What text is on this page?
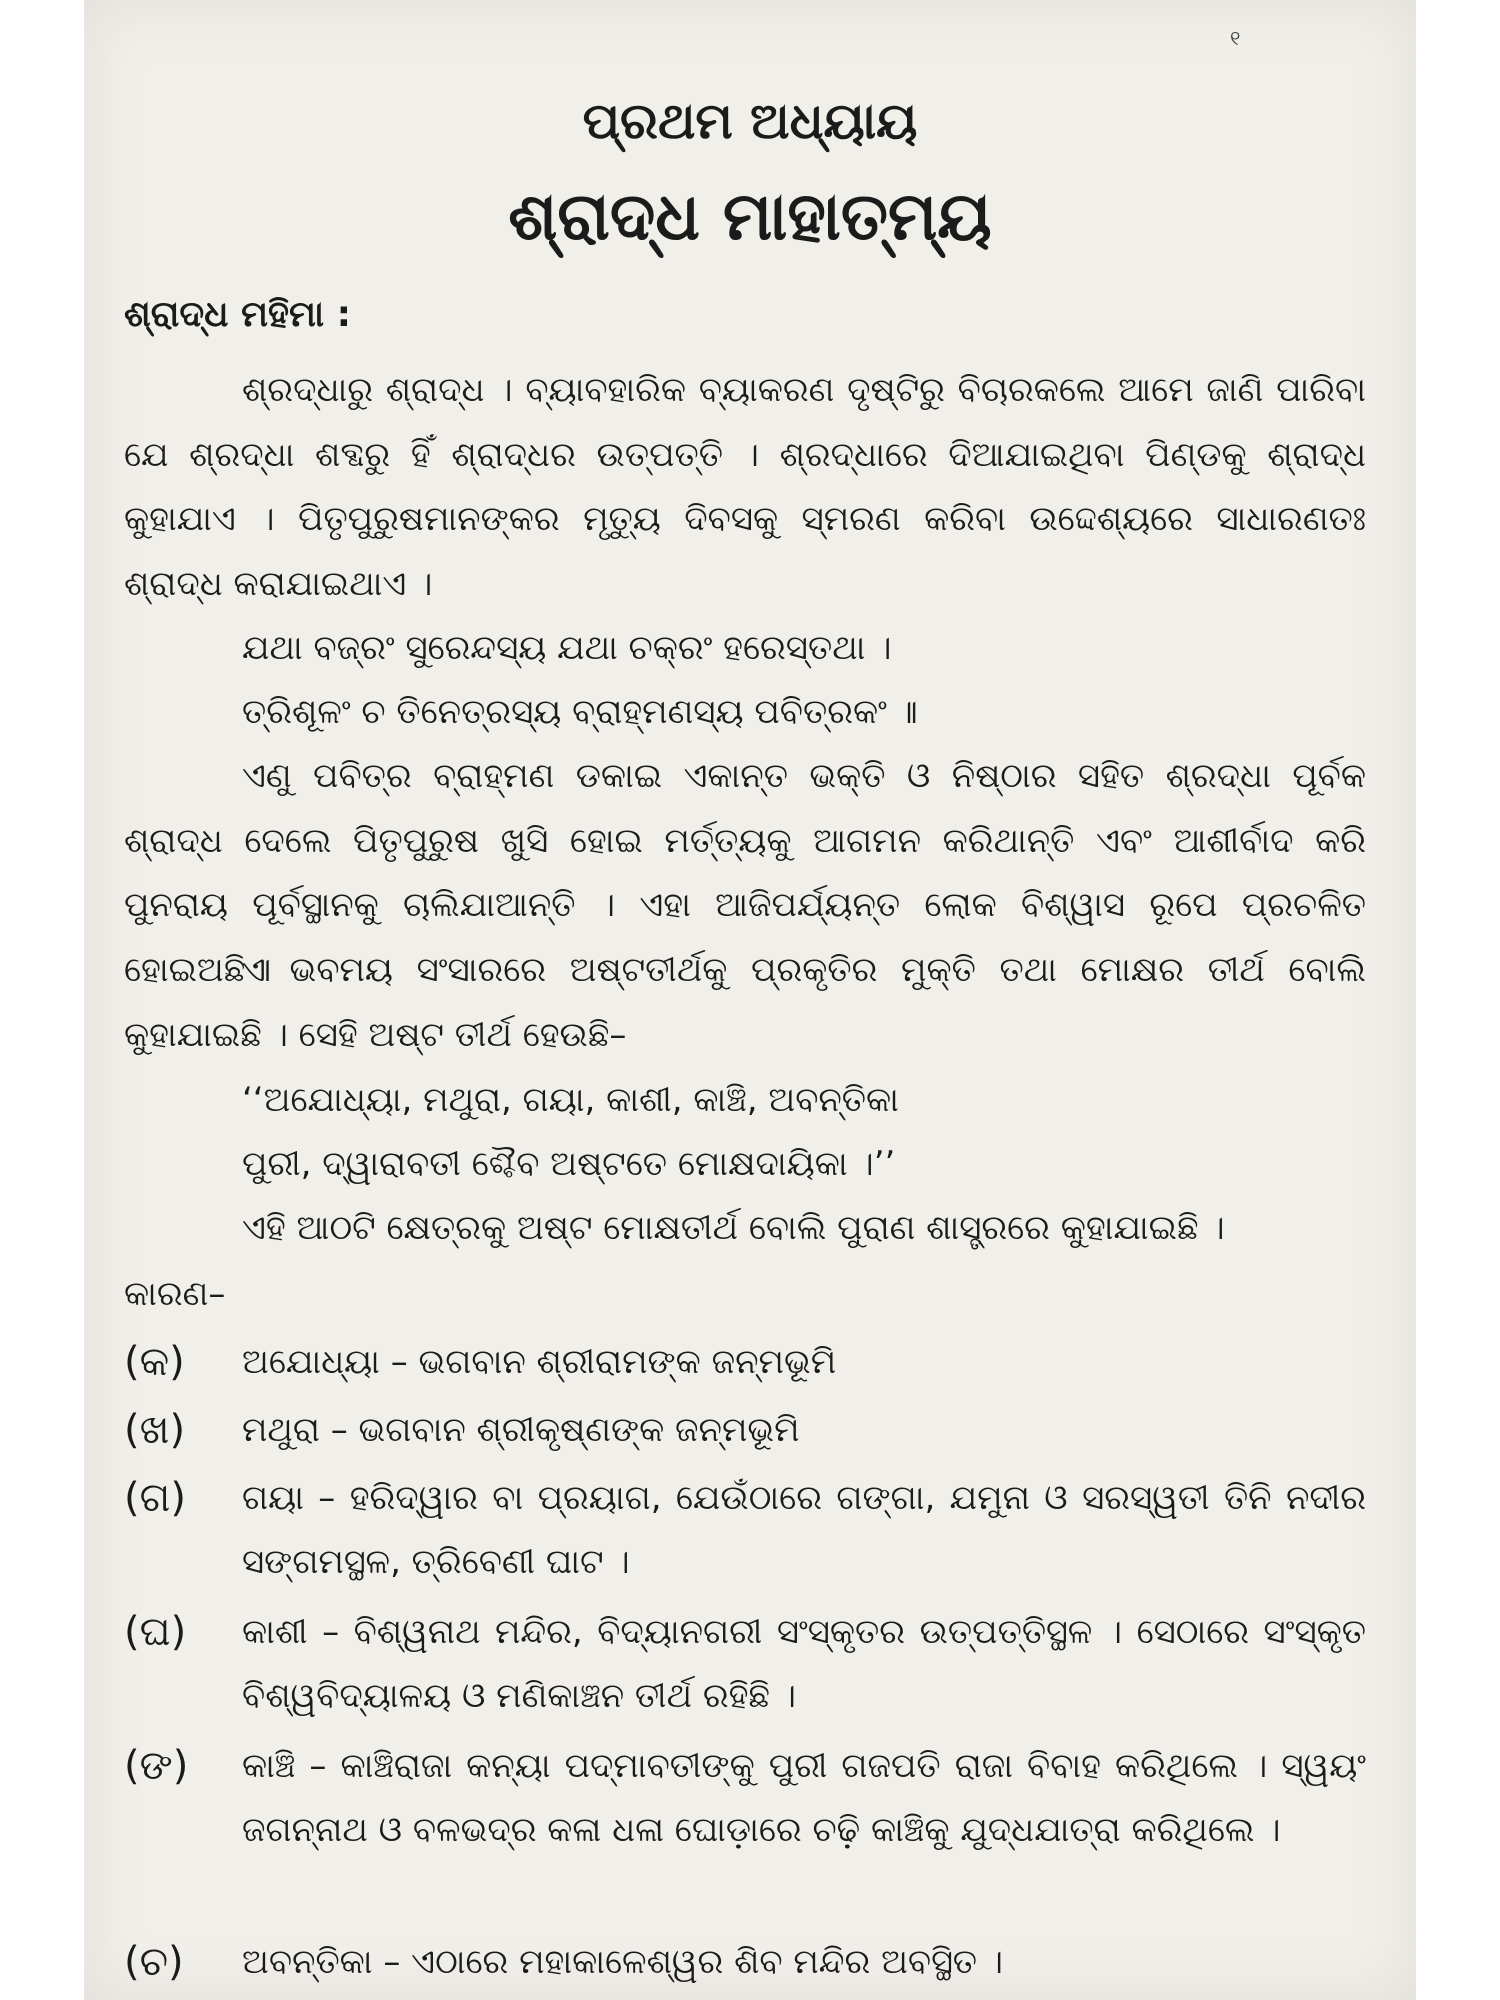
୧
ପ୍ରଥମ ଅଧ୍ୟାୟ
ଶ୍ରାଦ୍ଧ ମାହାତ୍ମ୍ୟ
ଶ୍ରାଦ୍ଧ ମହିମା :
ଶ୍ରଦ୍ଧାରୁ ଶ୍ରାଦ୍ଧ । ବ୍ୟାବହାରିକ ବ୍ୟାକରଣ ଦୃଷ୍ଟିରୁ ବିଚାରକଲେ ଆମେ ଜାଣି ପାରିବା ଯେ ଶ୍ରଦ୍ଧା ଶବ୍ଦରୁ ହିଁ ଶ୍ରାଦ୍ଧର ଉତ୍ପତ୍ତି । ଶ୍ରଦ୍ଧାରେ ଦିଆଯାଇଥିବା ପିଣ୍ଡକୁ ଶ୍ରାଦ୍ଧ କୁହାଯାଏ । ପିତୃପୁରୁଷମାନଙ୍କର ମୃତ୍ୟୁ ଦିବସକୁ ସ୍ମରଣ କରିବା ଉଦ୍ଦେଶ୍ୟରେ ସାଧାରଣତଃ ଶ୍ରାଦ୍ଧ କରାଯାଇଥାଏ ।
ଯଥା ବଜ୍ରଂ ସୁରେନ୍ଦସ୍ୟ ଯଥା ଚକ୍ରଂ ହରେସ୍ତଥା ।
ତ୍ରିଶୂଳଂ ଚ ତିନେତ୍ରସ୍ୟ ବ୍ରାହ୍ମଣସ୍ୟ ପବିତ୍ରକଂ ॥
ଏଣୁ ପବିତ୍ର ବ୍ରାହ୍ମଣ ଡକାଇ ଏକାନ୍ତ ଭକ୍ତି ଓ ନିଷ୍ଠାର ସହିତ ଶ୍ରଦ୍ଧା ପୂର୍ବକ ଶ୍ରାଦ୍ଧ ଦେଲେ ପିତୃପୁରୁଷ ଖୁସି ହୋଇ ମର୍ତ୍ତ୍ୟକୁ ଆଗମନ କରିଥାନ୍ତି ଏବଂ ଆଶୀର୍ବାଦ କରି ପୁନରାୟ ପୂର୍ବସ୍ଥାନକୁ ଚାଲିଯାଆନ୍ତି । ଏହା ଆଜିପର୍ଯ୍ୟନ୍ତ ଲୋକ ବିଶ୍ୱାସ ରୂପେ ପ୍ରଚଳିତ ହୋଇଅଛି ।
ଏ ଭବମୟ ସଂସାରରେ ଅଷ୍ଟତୀର୍ଥକୁ ପ୍ରକୃତିର ମୁକ୍ତି ତଥା ମୋକ୍ଷର ତୀର୍ଥ ବୋଲି କୁହାଯାଇଛି । ସେହି ଅଷ୍ଟ ତୀର୍ଥ ହେଉଛି–
‘‘ଅଯୋଧ୍ୟା, ମଥୁରା, ଗୟା, କାଶୀ, କାଞ୍ଚି, ଅବନ୍ତିକା
ପୁରୀ, ଦ୍ୱାରାବତୀ ଶ୍ଚୈବ ଅଷ୍ଟତେ ମୋକ୍ଷଦାୟିକା ।’’
ଏହି ଆଠଟି କ୍ଷେତ୍ରକୁ ଅଷ୍ଟ ମୋକ୍ଷତୀର୍ଥ ବୋଲି ପୁରାଣ ଶାସ୍ତ୍ରରେ କୁହାଯାଇଛି ।
କାରଣ–
(କ)	ଅଯୋଧ୍ୟା – ଭଗବାନ ଶ୍ରୀରାମଙ୍କ ଜନ୍ମଭୂମି
(ଖ)	ମଥୁରା – ଭଗବାନ ଶ୍ରୀକୃଷ୍ଣଙ୍କ ଜନ୍ମଭୂମି
(ଗ)	ଗୟା – ହରିଦ୍ୱାର ବା ପ୍ରୟାଗ, ଯେଉଁଠାରେ ଗଙ୍ଗା, ଯମୁନା ଓ ସରସ୍ୱତୀ ତିନି ନଦୀର ସଙ୍ଗମସ୍ଥଳ, ତ୍ରିବେଣୀ ଘାଟ ।
(ଘ)	କାଶୀ – ବିଶ୍ୱନାଥ ମନ୍ଦିର, ବିଦ୍ୟାନଗରୀ ସଂସ୍କୃତର ଉତ୍ପତ୍ତିସ୍ଥଳ । ସେଠାରେ ସଂସ୍କୃତ ବିଶ୍ୱବିଦ୍ୟାଳୟ ଓ ମଣିକାଞ୍ଚନ ତୀର୍ଥ ରହିଛି ।
(ଙ)	କାଞ୍ଚି – କାଞ୍ଚିରାଜା କନ୍ୟା ପଦ୍ମାବତୀଙ୍କୁ ପୁରୀ ଗଜପତି ରାଜା ବିବାହ କରିଥିଲେ । ସ୍ୱୟଂ ଜଗନ୍ନାଥ ଓ ବଳଭଦ୍ର କଳା ଧଳା ଘୋଡ଼ାରେ ଚଢ଼ି କାଞ୍ଚିକୁ ଯୁଦ୍ଧଯାତ୍ରା କରିଥିଲେ ।
(ଚ)	ଅବନ୍ତିକା – ଏଠାରେ ମହାକାଳେଶ୍ୱର ଶିବ ମନ୍ଦିର ଅବସ୍ଥିତ ।
